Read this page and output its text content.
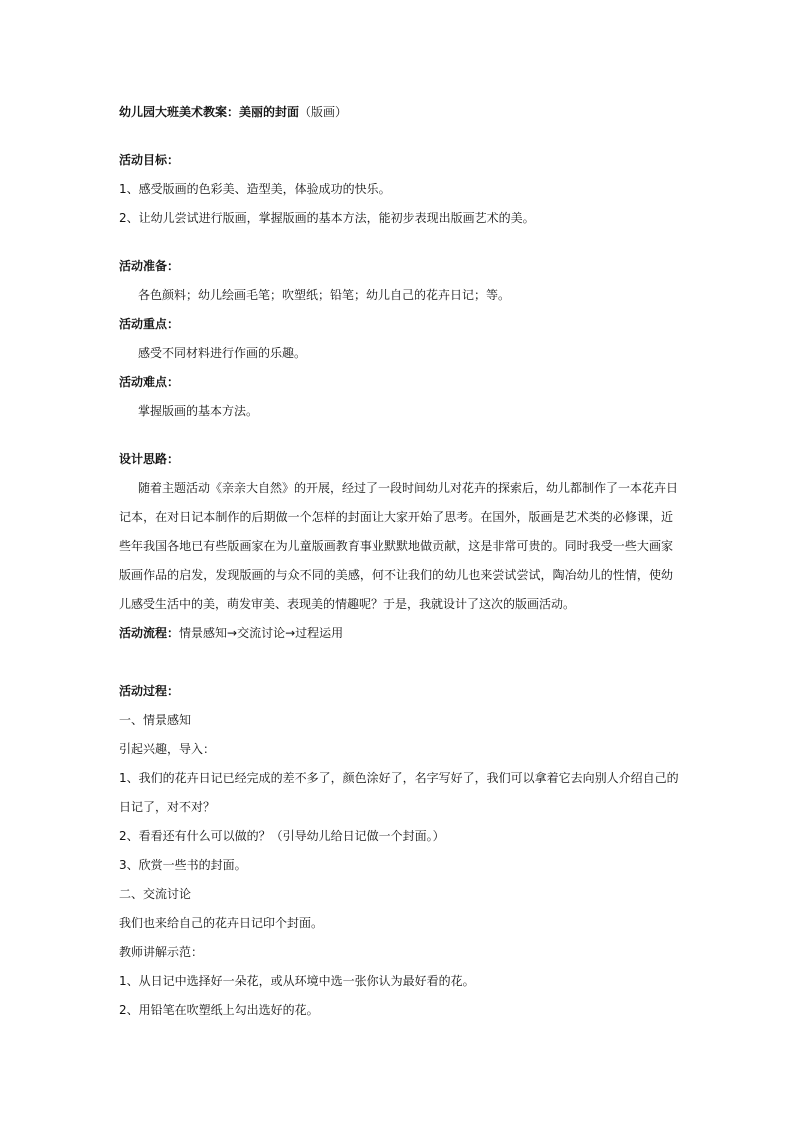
幼儿园大班美术教案：美丽的封面（版画）
活动目标：
1、感受版画的色彩美、造型美，体验成功的快乐。
2、让幼儿尝试进行版画，掌握版画的基本方法，能初步表现出版画艺术的美。
活动准备：
各色颜料；幼儿绘画毛笔；吹塑纸；铅笔；幼儿自己的花卉日记；等。
活动重点：
感受不同材料进行作画的乐趣。
活动难点：
掌握版画的基本方法。
设计思路：
随着主题活动《亲亲大自然》的开展，经过了一段时间幼儿对花卉的探索后，幼儿都制作了一本花卉日
记本，在对日记本制作的后期做一个怎样的封面让大家开始了思考。在国外，版画是艺术类的必修课，近
些年我国各地已有些版画家在为儿童版画教育事业默默地做贡献，这是非常可贵的。同时我受一些大画家
版画作品的启发，发现版画的与众不同的美感，何不让我们的幼儿也来尝试尝试，陶冶幼儿的性情，使幼
儿感受生活中的美，萌发审美、表现美的情趣呢？于是，我就设计了这次的版画活动。
活动流程：情景感知→交流讨论→过程运用
活动过程：
一、情景感知
引起兴趣，导入：
1、我们的花卉日记已经完成的差不多了，颜色涂好了，名字写好了，我们可以拿着它去向别人介绍自己的
日记了，对不对？
2、看看还有什么可以做的？（引导幼儿给日记做一个封面。）
3、欣赏一些书的封面。
二、交流讨论
我们也来给自己的花卉日记印个封面。
教师讲解示范：
1、从日记中选择好一朵花，或从环境中选一张你认为最好看的花。
2、用铅笔在吹塑纸上勾出选好的花。
